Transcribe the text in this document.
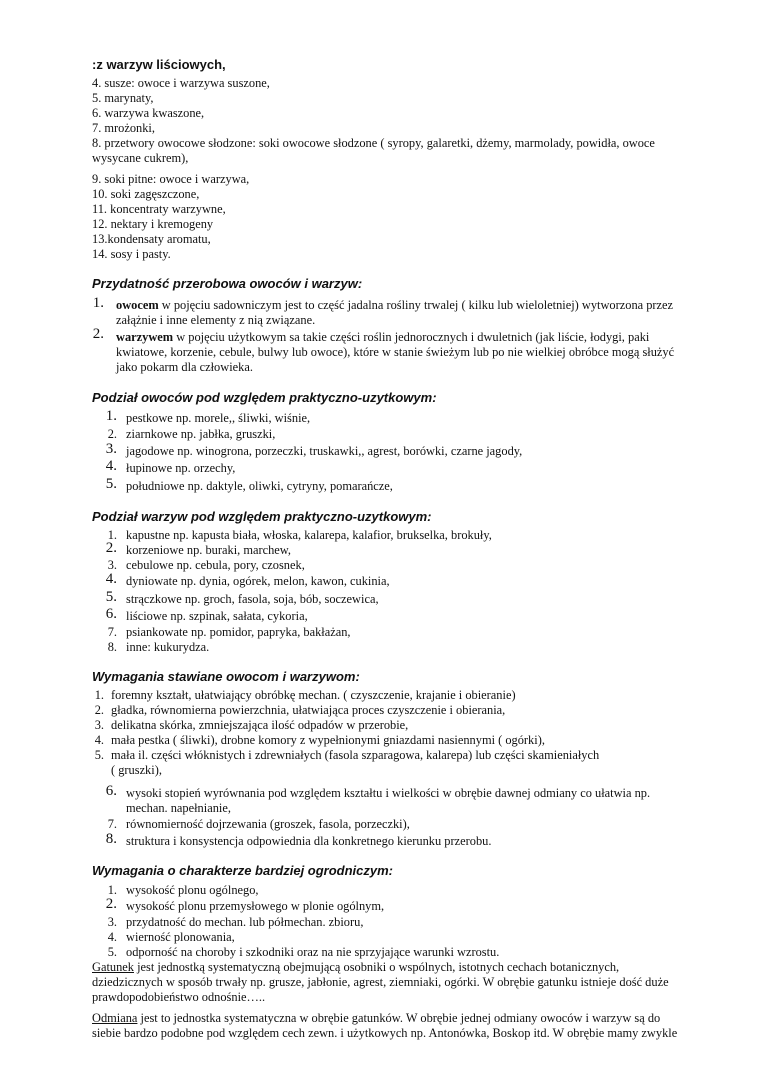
:z warzyw liściowych,
4. susze: owoce i warzywa suszone,
5. marynaty,
6. warzywa kwaszone,
7. mrożonki,
8. przetwory owocowe słodzone: soki owocowe słodzone ( syropy, galaretki, dżemy, marmolady, powidła, owoce
wysycane cukrem),
9. soki pitne: owoce i warzywa,
10. soki zagęszczone,
11. koncentraty warzywne,
12. nektary i kremogeny
13.kondensaty aromatu,
14. sosy i pasty.
Przydatność przerobowa owoców i warzyw:
1. owocem w pojęciu sadowniczym jest to część jadalna rośliny trwalej ( kilku lub wieloletniej) wytworzona przez
załążnie i inne elementy z nią związane.
2. warzywem w pojęciu użytkowym sa takie części roślin jednorocznych i dwuletnich (jak liście, łodygi, paki
kwiatowe, korzenie, cebule, bulwy lub owoce), które w stanie świeżym lub po nie wielkiej obróbce mogą służyć
jako pokarm dla człowieka.
Podział owoców pod względem praktyczno-uzytkowym:
1. pestkowe np. morele,, śliwki, wiśnie,
2. ziarnkowe np. jabłka, gruszki,
3. jagodowe np. winogrona, porzeczki, truskawki,, agrest, borówki, czarne jagody,
4. łupinowe np. orzechy,
5. południowe np. daktyle, oliwki, cytryny, pomarańcze,
Podział warzyw pod względem praktyczno-uzytkowym:
1. kapustne np. kapusta biała, włoska, kalarepa, kalafior, brukselka, brokuły,
2. korzeniowe np. buraki, marchew,
3. cebulowe np. cebula, pory, czosnek,
4. dyniowate np. dynia, ogórek, melon, kawon, cukinia,
5. strączkowe np. groch, fasola, soja, bób, soczewica,
6. liściowe np. szpinak, sałata, cykoria,
7. psiankowate np. pomidor, papryka, bakłażan,
8. inne: kukurydza.
Wymagania stawiane owocom i warzywom:
1. foremny kształt, ułatwiający obróbkę mechan. ( czyszczenie, krajanie i obieranie)
2. gładka, równomierna powierzchnia, ułatwiająca proces czyszczenie i obierania,
3. delikatna skórka, zmniejszająca ilość odpadów w przerobie,
4. mała pestka ( śliwki), drobne komory z wypełnionymi gniazdami nasiennymi ( ogórki),
5. mała il. części włóknistych i zdrewniałych (fasola szparagowa, kalarepa) lub części skamieniałych
( gruszki),
6. wysoki stopień wyrównania pod względem kształtu i wielkości w obrębie dawnej odmiany co ułatwia np.
mechan. napełnianie,
7. równomierność dojrzewania (groszek, fasola, porzeczki),
8. struktura i konsystencja odpowiednia dla konkretnego kierunku przerobu.
Wymagania o charakterze bardziej ogrodniczym:
1. wysokość plonu ogólnego,
2. wysokość plonu przemysłowego w plonie ogólnym,
3. przydatność do mechan. lub półmechan. zbioru,
4. wierność plonowania,
5. odporność na choroby i szkodniki oraz na nie sprzyjające warunki wzrostu.
Gatunek jest jednostką systematyczną obejmującą osobniki o wspólnych, istotnych cechach botanicznych,
dziedzicznych w sposób trwały np. grusze, jabłonie, agrest, ziemniaki, ogórki. W obrębie gatunku istnieje dość duże
prawdopodobieństwo odnośnie…..
Odmiana jest to jednostka systematyczna w obrębie gatunków. W obrębie jednej odmiany owoców i warzyw są do
siebie bardzo podobne pod względem cech zewn. i użytkowych np. Antonówka, Boskop itd. W obrębie mamy zwykle
